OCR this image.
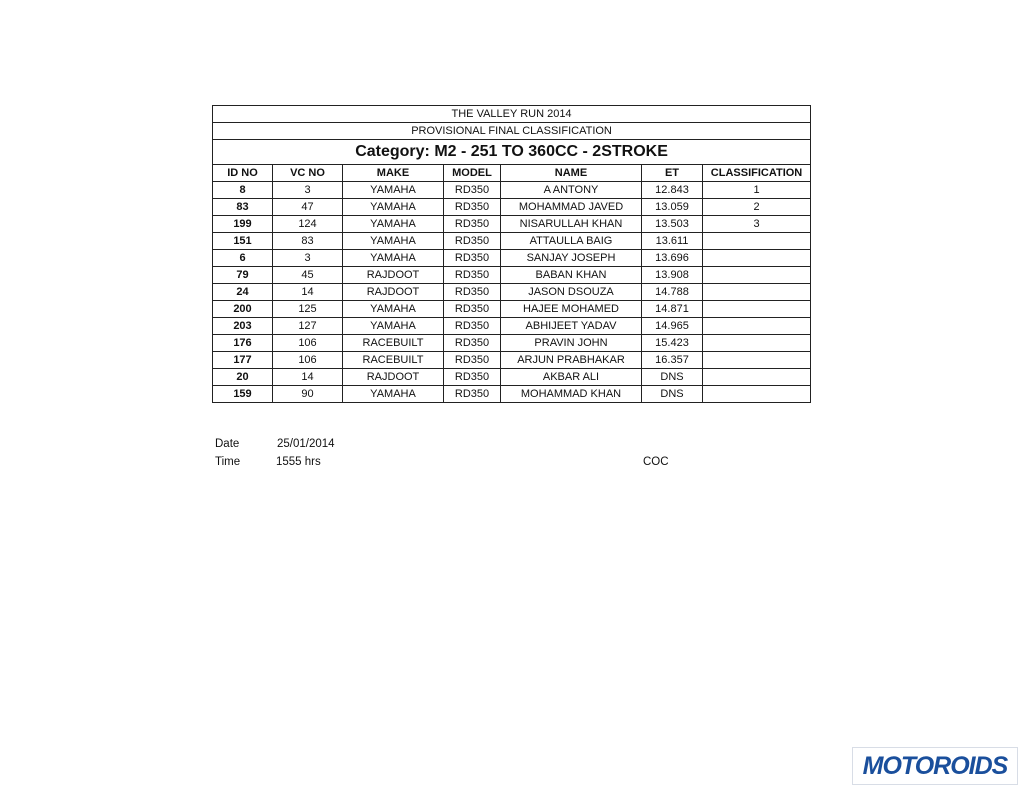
THE VALLEY RUN 2014						
PROVISIONAL FINAL CLASSIFICATION						
Category: M2 - 251 TO 360CC - 2STROKE						
ID NO	VC NO	MAKE	MODEL	NAME	ET	CLASSIFICATION
8	3	YAMAHA	RD350	A ANTONY	12.843	1
83	47	YAMAHA	RD350	MOHAMMAD JAVED	13.059	2
199	124	YAMAHA	RD350	NISARULLAH KHAN	13.503	3
151	83	YAMAHA	RD350	ATTAULLA BAIG	13.611	
6	3	YAMAHA	RD350	SANJAY JOSEPH	13.696	
79	45	RAJDOOT	RD350	BABAN KHAN	13.908	
24	14	RAJDOOT	RD350	JASON DSOUZA	14.788	
200	125	YAMAHA	RD350	HAJEE MOHAMED	14.871	
203	127	YAMAHA	RD350	ABHIJEET YADAV	14.965	
176	106	RACEBUILT	RD350	PRAVIN JOHN	15.423	
177	106	RACEBUILT	RD350	ARJUN PRABHAKAR	16.357	
20	14	RAJDOOT	RD350	AKBAR ALI	DNS	
159	90	YAMAHA	RD350	MOHAMMAD KHAN	DNS	
Date	25/01/2014
Time	1555 hrs	COC
MOTOROIDS
